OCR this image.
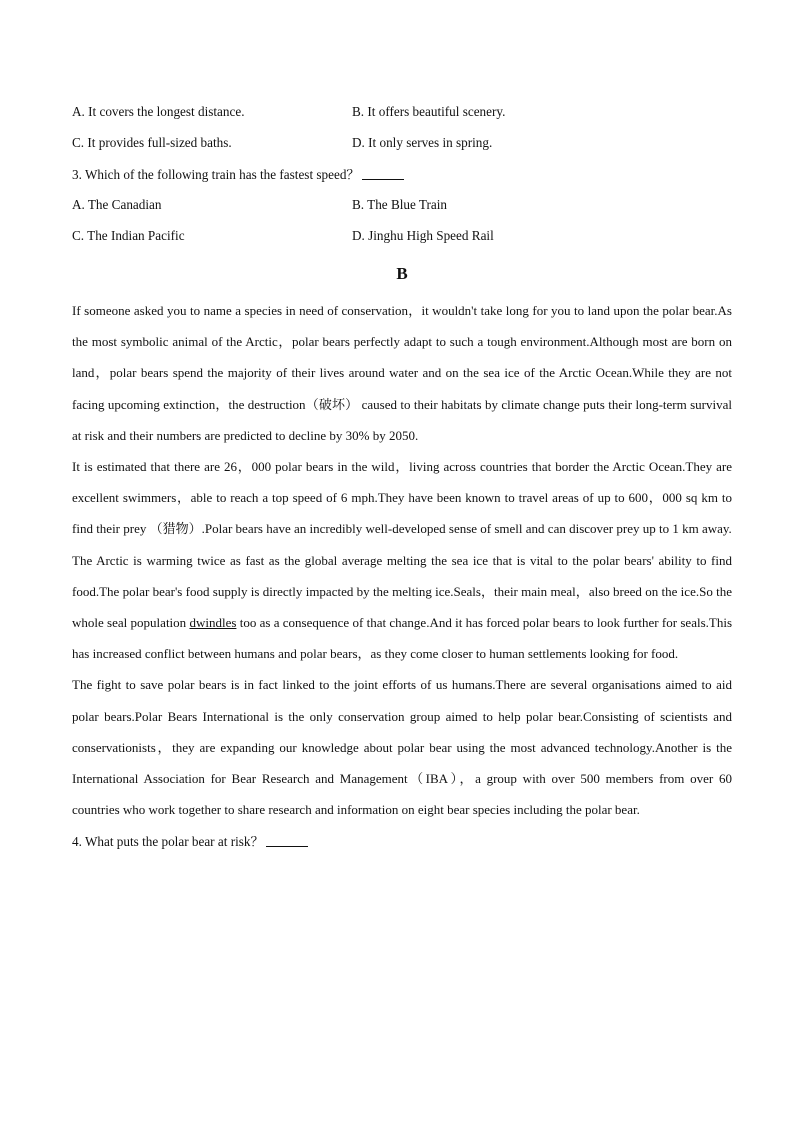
A. It covers the longest distance.	B. It offers beautiful scenery.
C. It provides full-sized baths.	D. It only serves in spring.
3. Which of the following train has the fastest speed？
A. The Canadian	B. The Blue Train
C. The Indian Pacific	D. Jinghu High Speed Rail
B

If someone asked you to name a species in need of conservation，it wouldn't take long for you to land upon the polar bear.As the most symbolic animal of the Arctic，polar bears perfectly adapt to such a tough environment.Although most are born on land，polar bears spend the majority of their lives around water and on the sea ice of the Arctic Ocean.While they are not facing upcoming extinction，the destruction（破坏） caused to their habitats by climate change puts their long-term survival at risk and their numbers are predicted to decline by 30% by 2050.

It is estimated that there are 26，000 polar bears in the wild，living across countries that border the Arctic Ocean.They are excellent swimmers，able to reach a top speed of 6 mph.They have been known to travel areas of up to 600，000 sq km to find their prey （猎物）.Polar bears have an incredibly well-developed sense of smell and can discover prey up to 1 km away.

The Arctic is warming twice as fast as the global average melting the sea ice that is vital to the polar bears' ability to find food.The polar bear's food supply is directly impacted by the melting ice.Seals，their main meal，also breed on the ice.So the whole seal population dwindles too as a consequence of that change.And it has forced polar bears to look further for seals.This has increased conflict between humans and polar bears，as they come closer to human settlements looking for food.

The fight to save polar bears is in fact linked to the joint efforts of us humans.There are several organisations aimed to aid polar bears.Polar Bears International is the only conservation group aimed to help polar bear.Consisting of scientists and conservationists，they are expanding our knowledge about polar bear using the most advanced technology.Another is the International Association for Bear Research and Management（IBA），a group with over 500 members from over 60 countries who work together to share research and information on eight bear species including the polar bear.

4. What puts the polar bear at risk？
